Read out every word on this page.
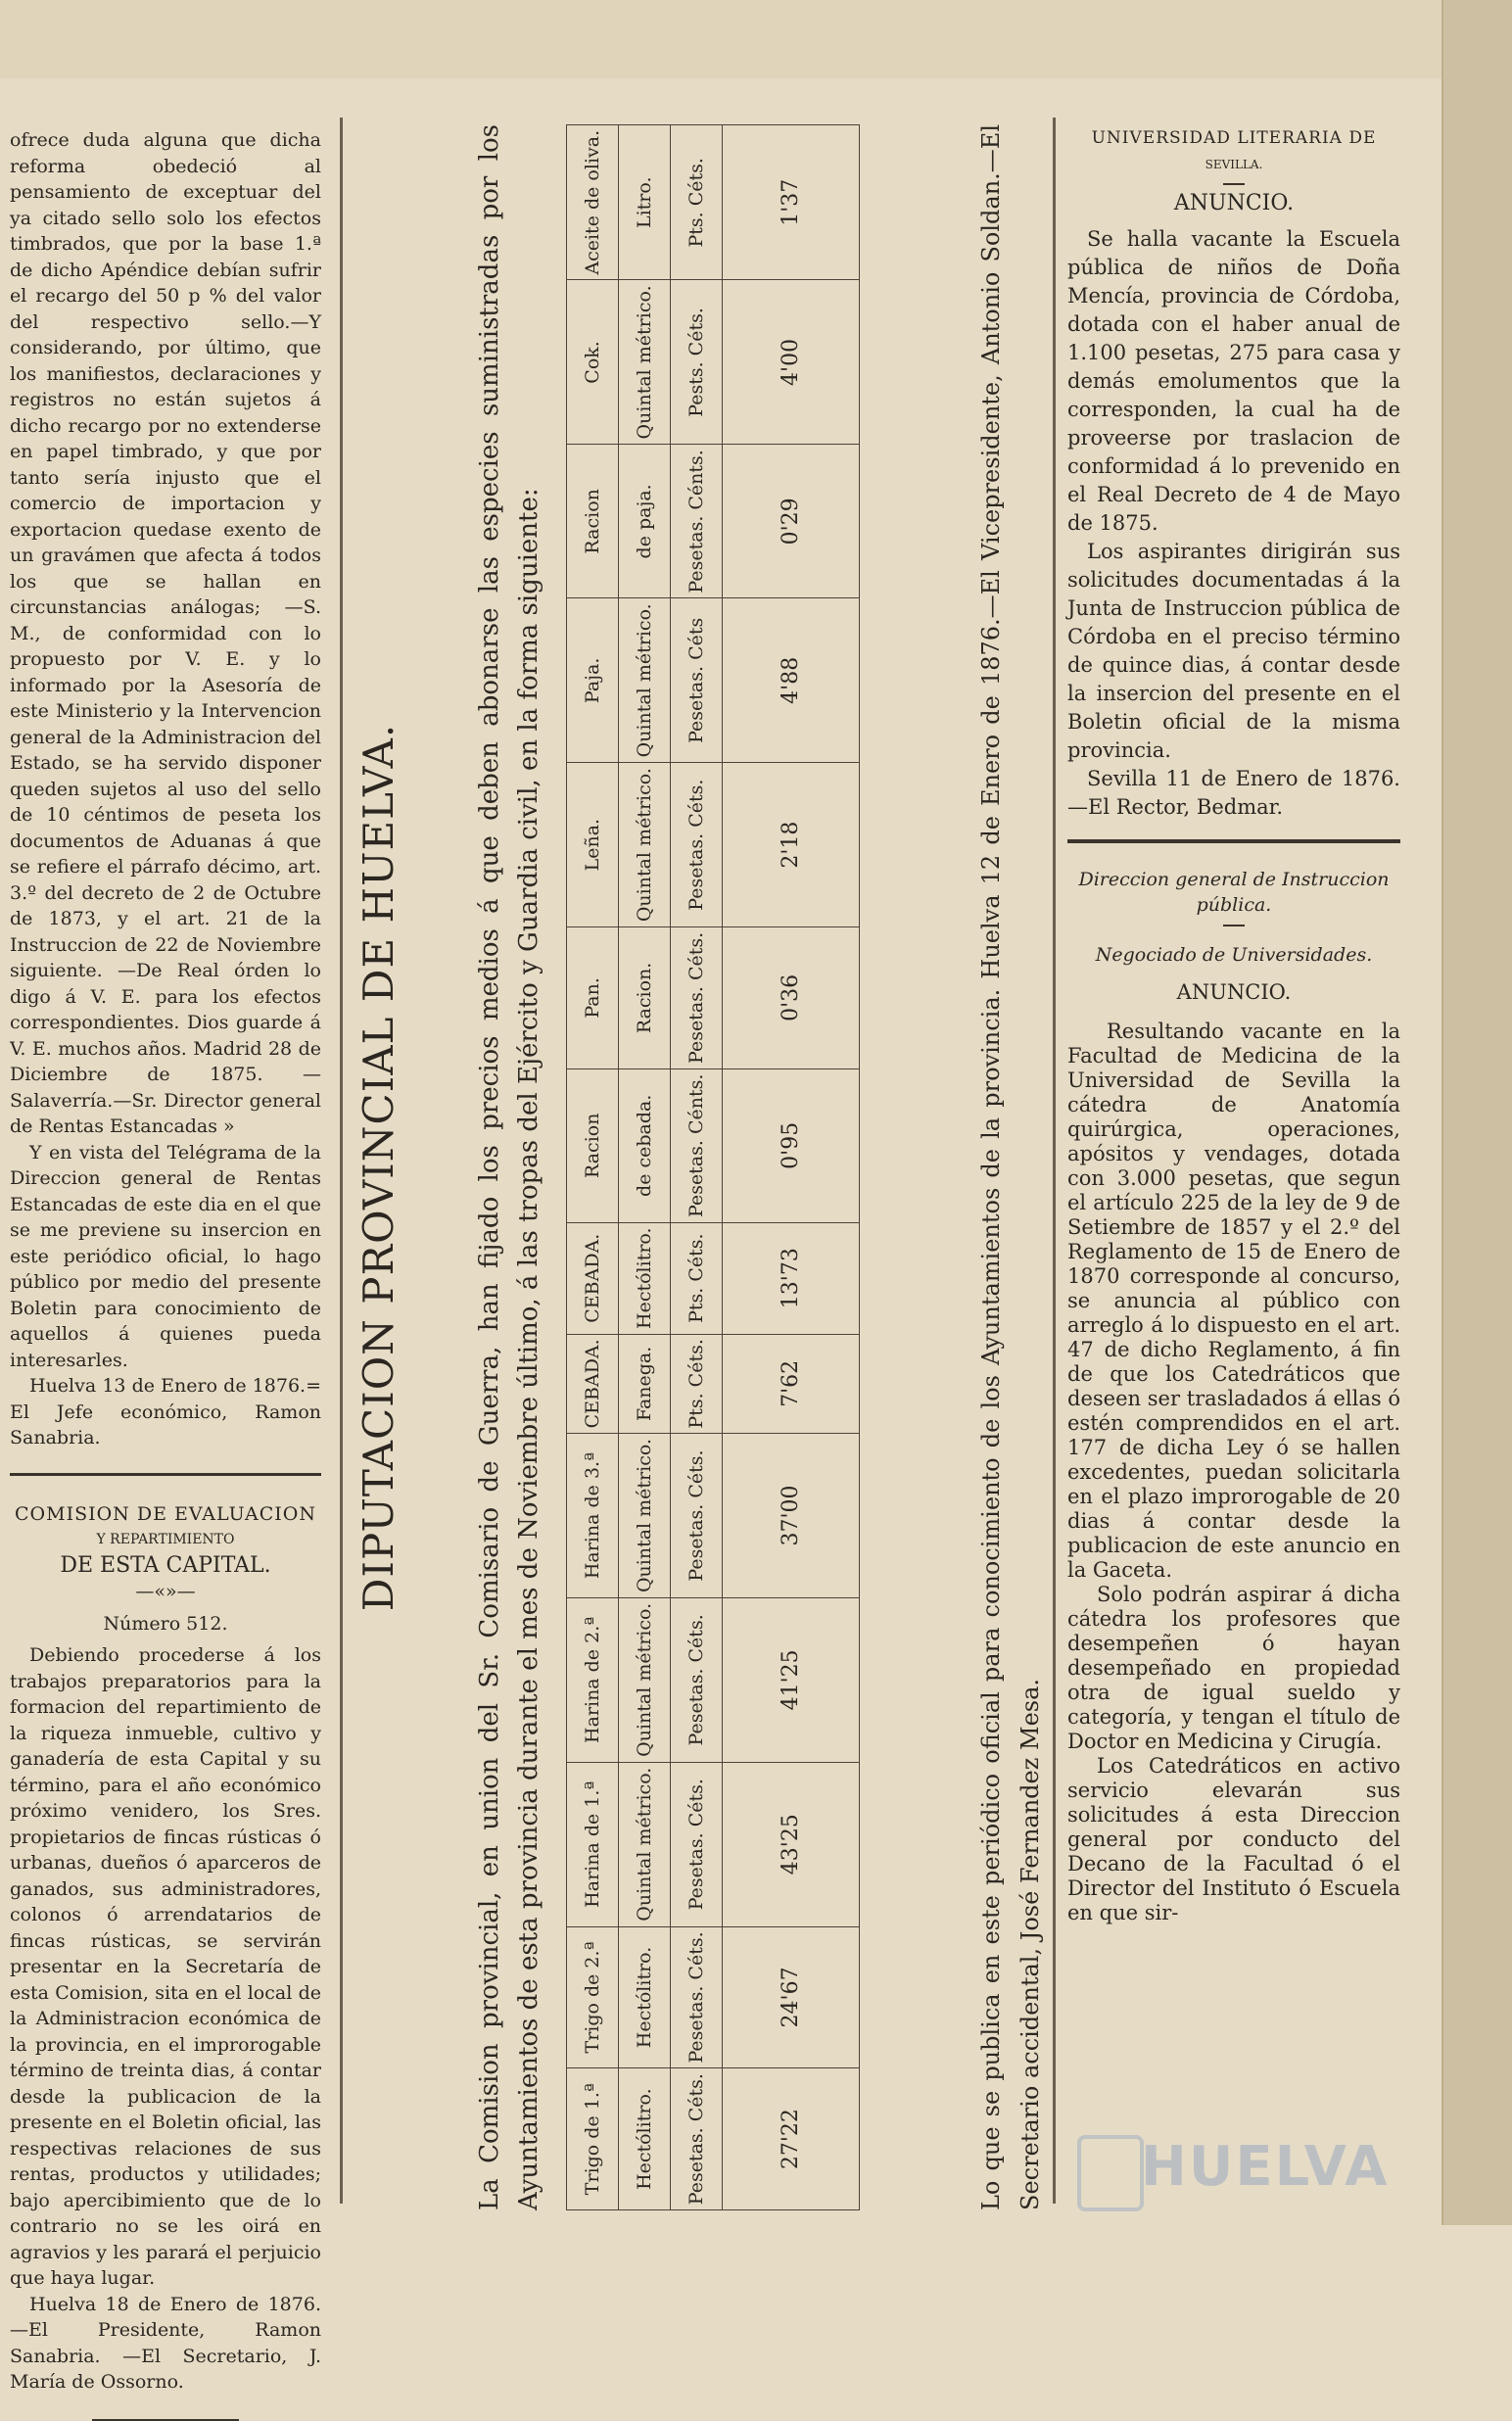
ofrece duda alguna que dicha reforma obedeció al pensamiento de exceptuar del ya citado sello solo los efectos timbrados, que por la base 1.ª de dicho Apéndice debían sufrir el recargo del 50 p % del valor del respectivo sello.—Y considerando, por último, que los manifiestos, declaraciones y registros no están sujetos á dicho recargo por no extenderse en papel timbrado, y que por tanto sería injusto que el comercio de importacion y exportacion quedase exento de un gravámen que afecta á todos los que se hallan en circunstancias análogas; —S. M., de conformidad con lo propuesto por V. E. y lo informado por la Asesoría de este Ministerio y la Intervencion general de la Administracion del Estado, se ha servido disponer queden sujetos al uso del sello de 10 céntimos de peseta los documentos de Aduanas á que se refiere el párrafo décimo, art. 3.º del decreto de 2 de Octubre de 1873, y el art. 21 de la Instruccion de 22 de Noviembre siguiente. —De Real órden lo digo á V. E. para los efectos correspondientes. Dios guarde á V. E. muchos años. Madrid 28 de Diciembre de 1875. —Salaverría.—Sr. Director general de Rentas Estancadas »

Y en vista del Telégrama de la Direccion general de Rentas Estancadas de este dia en el que se me previene su insercion en este periódico oficial, lo hago público por medio del presente Boletin para conocimiento de aquellos á quienes pueda interesarles.

Huelva 13 de Enero de 1876.= El Jefe económico, Ramon Sanabria.

COMISION DE EVALUACION
Y REPARTIMIENTO
DE ESTA CAPITAL.
—«»—
Número 512.

Debiendo procederse á los trabajos preparatorios para la formacion del repartimiento de la riqueza inmueble, cultivo y ganadería de esta Capital y su término, para el año económico próximo venidero, los Sres. propietarios de fincas rústicas ó urbanas, dueños ó aparceros de ganados, sus administradores, colonos ó arrendatarios de fincas rústicas, se servirán presentar en la Secretaría de esta Comision, sita en el local de la Administracion económica de la provincia, en el improrogable término de treinta dias, á contar desde la publicacion de la presente en el Boletin oficial, las respectivas relaciones de sus rentas, productos y utilidades; bajo apercibimiento que de lo contrario no se les oirá en agravios y les parará el perjuicio que haya lugar.

Huelva 18 de Enero de 1876. —El Presidente, Ramon Sanabria. —El Secretario, J. María de Ossorno.

DIPUTACION PROVINCIAL DE HUELVA.	La Comision provincial, en union del Sr. Comisario de Guerra, han fijado los precios medios á que deben abonarse las especies suministradas por los Ayuntamientos de esta provincia durante el mes de Noviembre último, á las tropas del Ejército y Guardia civil, en la forma siguiente: Trigo de 1.ª	Trigo de 2.ª	Harina de 1.ª	Harina de 2.ª	Harina de 3.ª	CEBADA.	CEBADA.	Racion	Pan.	Leña.	Paja.	Racion	Cok.	Aceite de oliva.
Hectólitro.	Hectólitro.	Quintal métrico.	Quintal métrico.	Quintal métrico.	Fanega.	Hectólitro.	de cebada.	Racion.	Quintal métrico.	Quintal métrico.	de paja.	Quintal métrico.	Litro.
Pesetas. Céts.	Pesetas. Céts.	Pesetas. Céts.	Pesetas. Céts.	Pesetas. Céts.	Pts. Céts.	Pts. Céts.	Pesetas. Cénts.	Pesetas. Céts.	Pesetas. Céts.	Pesetas. Céts	Pesetas. Cénts.	Pests. Céts.	Pts. Céts.
27'22	24'67	43'25	41'25	37'00	7'62	13'73	0'95	0'36	2'18	4'88	0'29	4'00	1'37	Lo que se publica en este periódico oficial para conocimiento de los Ayuntamientos de la provincia. Huelva 12 de Enero de 1876.—El Vicepresidente, Antonio Soldan.—El Secretario accidental, José Fernandez Mesa.
UNIVERSIDAD LITERARIA DE
SEVILLA.
ANUNCIO.

Se halla vacante la Escuela pública de niños de Doña Mencía, provincia de Córdoba, dotada con el haber anual de 1.100 pesetas, 275 para casa y demás emolumentos que la corresponden, la cual ha de proveerse por traslacion de conformidad á lo prevenido en el Real Decreto de 4 de Mayo de 1875.

Los aspirantes dirigirán sus solicitudes documentadas á la Junta de Instruccion pública de Córdoba en el preciso término de quince dias, á contar desde la insercion del presente en el Boletin oficial de la misma provincia.

Sevilla 11 de Enero de 1876.—El Rector, Bedmar.

Direccion general de Instruccion pública.
Negociado de Universidades.
ANUNCIO.

Resultando vacante en la Facultad de Medicina de la Universidad de Sevilla la cátedra de Anatomía quirúrgica, operaciones, apósitos y vendages, dotada con 3.000 pesetas, que segun el artículo 225 de la ley de 9 de Setiembre de 1857 y el 2.º del Reglamento de 15 de Enero de 1870 corresponde al concurso, se anuncia al público con arreglo á lo dispuesto en el art. 47 de dicho Reglamento, á fin de que los Catedráticos que deseen ser trasladados á ellas ó estén comprendidos en el art. 177 de dicha Ley ó se hallen excedentes, puedan solicitarla en el plazo improrogable de 20 dias á contar desde la publicacion de este anuncio en la Gaceta.

Solo podrán aspirar á dicha cátedra los profesores que desempeñen ó hayan desempeñado en propiedad otra de igual sueldo y categoría, y tengan el título de Doctor en Medicina y Cirugía.

Los Catedráticos en activo servicio elevarán sus solicitudes á esta Direccion general por conducto del Decano de la Facultad ó el Director del Instituto ó Escuela en que sir-

HUELVA
